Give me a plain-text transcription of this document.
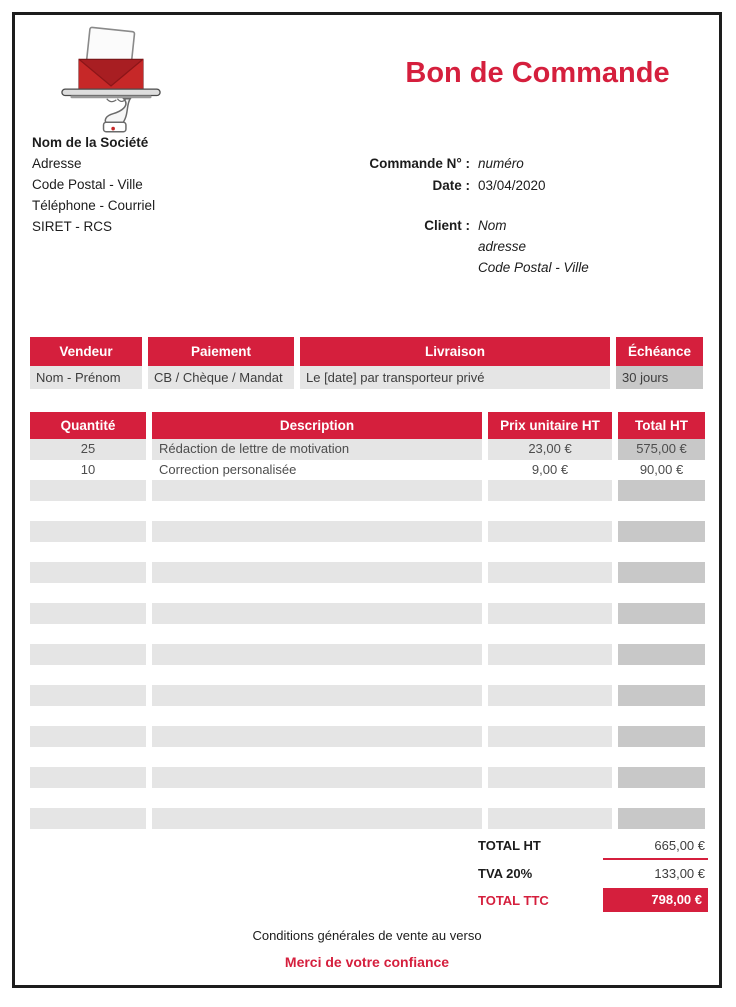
Bon de Commande
Nom de la Société
Adresse
Code Postal - Ville
Téléphone - Courriel
SIRET - RCS
Commande N° : numéro
Date : 03/04/2020
Client : Nom
adresse
Code Postal - Ville
Vendeur	Paiement	Livraison	Échéance
Nom - Prénom	CB / Chèque / Mandat	Le [date] par transporteur privé	30 jours
Quantité	Description	Prix unitaire HT	Total HT
25	Rédaction de lettre de motivation	23,00 €	575,00 €
10	Correction personalisée	9,00 €	90,00 €
TOTAL HT	665,00 €
TVA 20%	133,00 €
TOTAL TTC	798,00 €
Conditions générales de vente au verso
Merci de votre confiance
